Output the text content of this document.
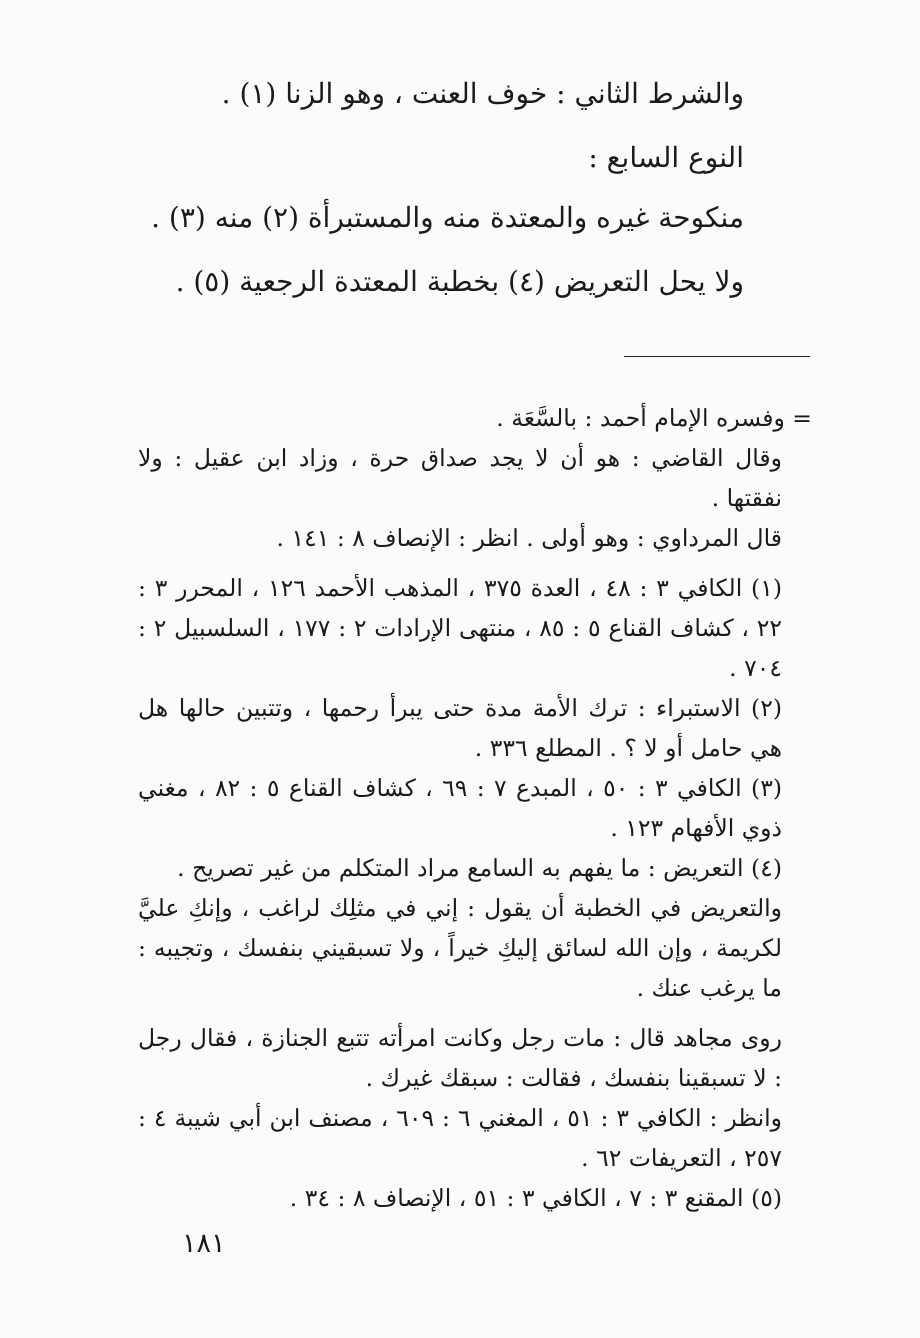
والشرط الثاني : خوف العنت ، وهو الزنا (١) .

النوع السابع :

منكوحة غيره والمعتدة منه والمستبرأة (٢) منه (٣) .

ولا يحل التعريض (٤) بخطبة المعتدة الرجعية (٥) .

= وفسره الإمام أحمد : بالسَّعَة .

وقال القاضي : هو أن لا يجد صداق حرة ، وزاد ابن عقيل : ولا نفقتها .

قال المرداوي : وهو أولى . انظر : الإنصاف ٨ : ١٤١ .

(١) الكافي ٣ : ٤٨ ، العدة ٣٧٥ ، المذهب الأحمد ١٢٦ ، المحرر ٣ : ٢٢ ، كشاف القناع ٥ : ٨٥ ، منتهى الإرادات ٢ : ١٧٧ ، السلسبيل ٢ : ٧٠٤ .

(٢) الاستبراء : ترك الأمة مدة حتى يبرأ رحمها ، وتتبين حالها هل هي حامل أو لا ؟ . المطلع ٣٣٦ .

(٣) الكافي ٣ : ٥٠ ، المبدع ٧ : ٦٩ ، كشاف القناع ٥ : ٨٢ ، مغني ذوي الأفهام ١٢٣ .

(٤) التعريض : ما يفهم به السامع مراد المتكلم من غير تصريح .

والتعريض في الخطبة أن يقول : إني في مثلِك لراغب ، وإنكِ عليَّ لكريمة ، وإن الله لسائق إليكِ خيراً ، ولا تسبقيني بنفسك ، وتجيبه : ما يرغب عنك .

روى مجاهد قال : مات رجل وكانت امرأته تتبع الجنازة ، فقال رجل : لا تسبقينا بنفسك ، فقالت : سبقك غيرك .

وانظر : الكافي ٣ : ٥١ ، المغني ٦ : ٦٠٩ ، مصنف ابن أبي شيبة ٤ : ٢٥٧ ، التعريفات ٦٢ .

(٥) المقنع ٣ : ٧ ، الكافي ٣ : ٥١ ، الإنصاف ٨ : ٣٤ .

١٨١
